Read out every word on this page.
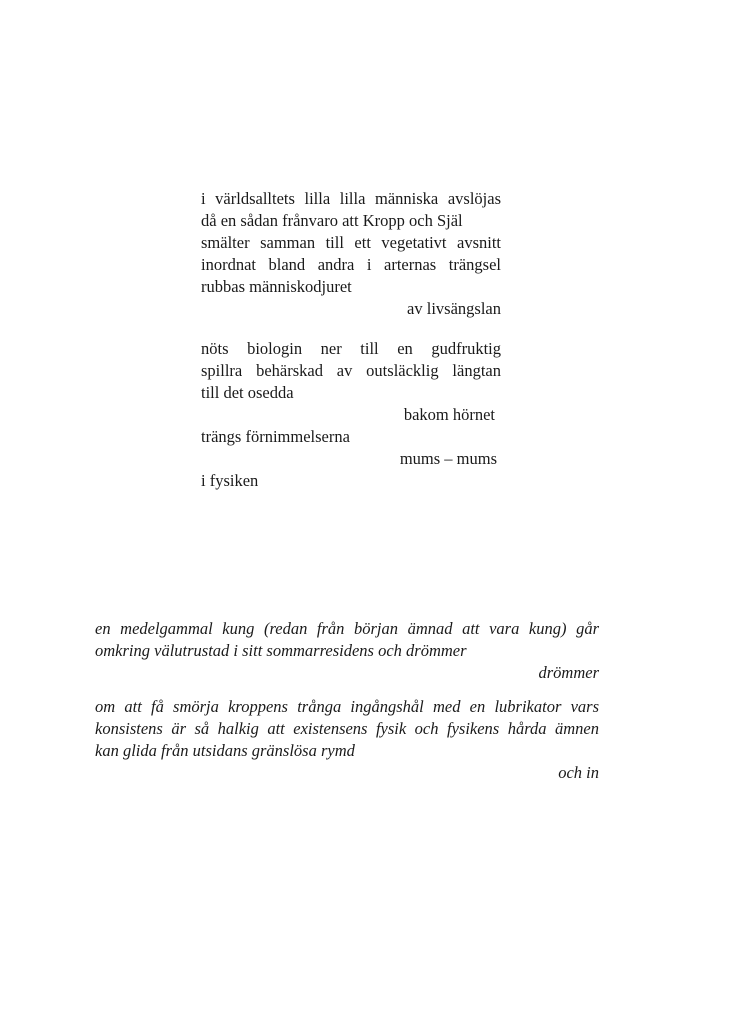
i världsalltets lilla lilla människa avslöjas
då en sådan frånvaro att Kropp och Själ
smälter samman till ett vegetativt avsnitt
inordnat bland andra i arternas trängsel
rubbas människodjuret
av livsängslan
nöts biologin ner till en gudfruktig
spillra behärskad av outsläcklig längtan
till det osedda
bakom hörnet
trängs förnimmelserna
mums – mums
i fysiken
en medelgammal kung (redan från början ämnad att vara kung) går
omkring välutrustad i sitt sommarresidens och drömmer
drömmer
om att få smörja kroppens trånga ingångshål med en lubrikator vars
konsistens är så halkig att existensens fysik och fysikens hårda ämnen
kan glida från utsidans gränslösa rymd
och in
